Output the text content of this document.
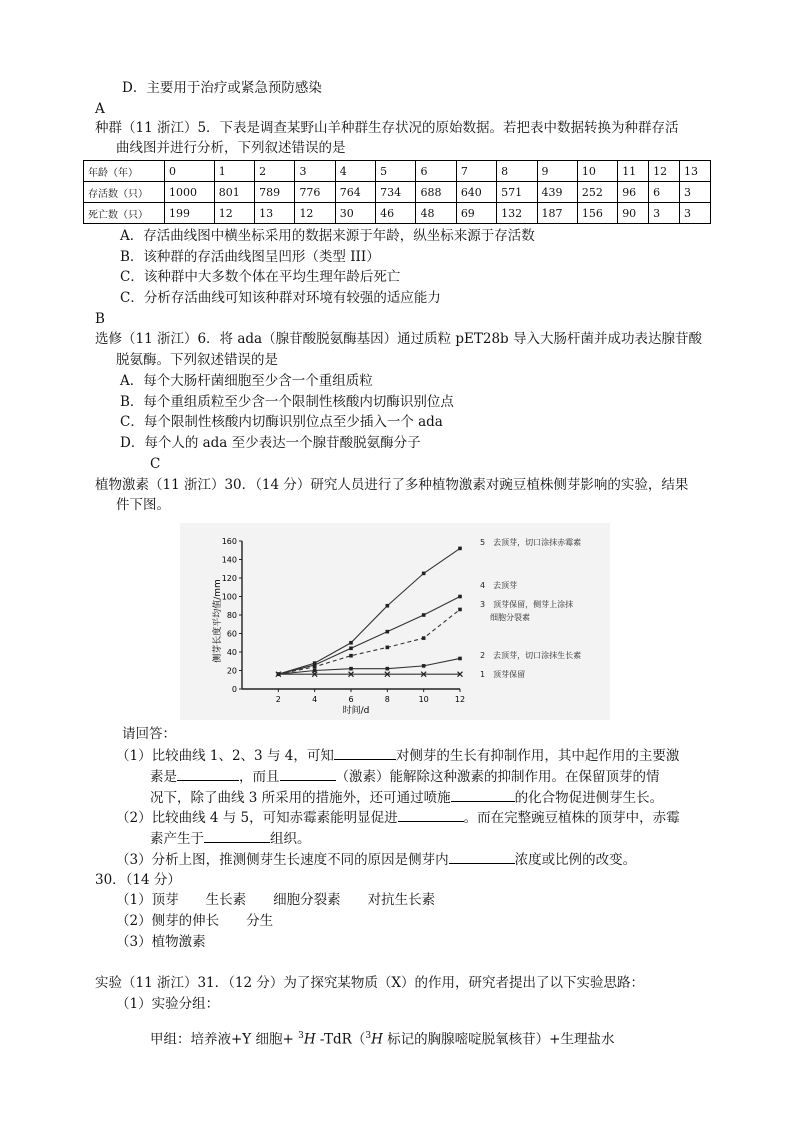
D．主要用于治疗或紧急预防感染
A
种群（11 浙江）5．下表是调查某野山羊种群生存状况的原始数据。若把表中数据转换为种群存活
曲线图并进行分析，下列叙述错误的是
年龄（年）	0	1	2	3	4	5	6	7	8	9	10	11	12	13
存活数（只）	1000	801	789	776	764	734	688	640	571	439	252	96	6	3
死亡数（只）	199	12	13	12	30	46	48	69	132	187	156	90	3	3
A．存活曲线图中横坐标采用的数据来源于年龄，纵坐标来源于存活数
B．该种群的存活曲线图呈凹形（类型 III）
C．该种群中大多数个体在平均生理年龄后死亡
C．分析存活曲线可知该种群对环境有较强的适应能力
B
选修（11 浙江）6．将 ada（腺苷酸脱氨酶基因）通过质粒 pET28b 导入大肠杆菌并成功表达腺苷酸
脱氨酶。下列叙述错误的是
A．每个大肠杆菌细胞至少含一个重组质粒
B．每个重组质粒至少含一个限制性核酸内切酶识别位点
C．每个限制性核酸内切酶识别位点至少插入一个 ada
D．每个人的 ada 至少表达一个腺苷酸脱氨酶分子
C
植物激素（11 浙江）30．（14 分）研究人员进行了多种植物激素对豌豆植株侧芽影响的实验，结果
件下图。
侧芽长度平均值/mm
时间/d
0
20
40
60
80
100
120
140
160
2	4	6	8	10	12
5　去顶芽，切口涂抹赤霉素
4　去顶芽
3　顶芽保留，侧芽上涂抹
细胞分裂素
2　去顶芽，切口涂抹生长素
1　顶芽保留
请回答：
（1）比较曲线 1、2、3 与 4，可知	对侧芽的生长有抑制作用，其中起作用的主要激
素是	，而且	（激素）能解除这种激素的抑制作用。在保留顶芽的情
况下，除了曲线 3 所采用的措施外，还可通过喷施	的化合物促进侧芽生长。
（2）比较曲线 4 与 5，可知赤霉素能明显促进	。而在完整豌豆植株的顶芽中，赤霉
素产生于	组织。
（3）分析上图，推测侧芽生长速度不同的原因是侧芽内	浓度或比例的改变。
30．（14 分）
（1）顶芽　　生长素　　细胞分裂素　　对抗生长素
（2）侧芽的伸长　　分生
（3）植物激素
实验（11 浙江）31．（12 分）为了探究某物质（X）的作用，研究者提出了以下实验思路：
（1）实验分组：
甲组：培养液+Y 细胞+ $^3$H -TdR（$^3$H 标记的胸腺嘧啶脱氧核苷）+生理盐水
